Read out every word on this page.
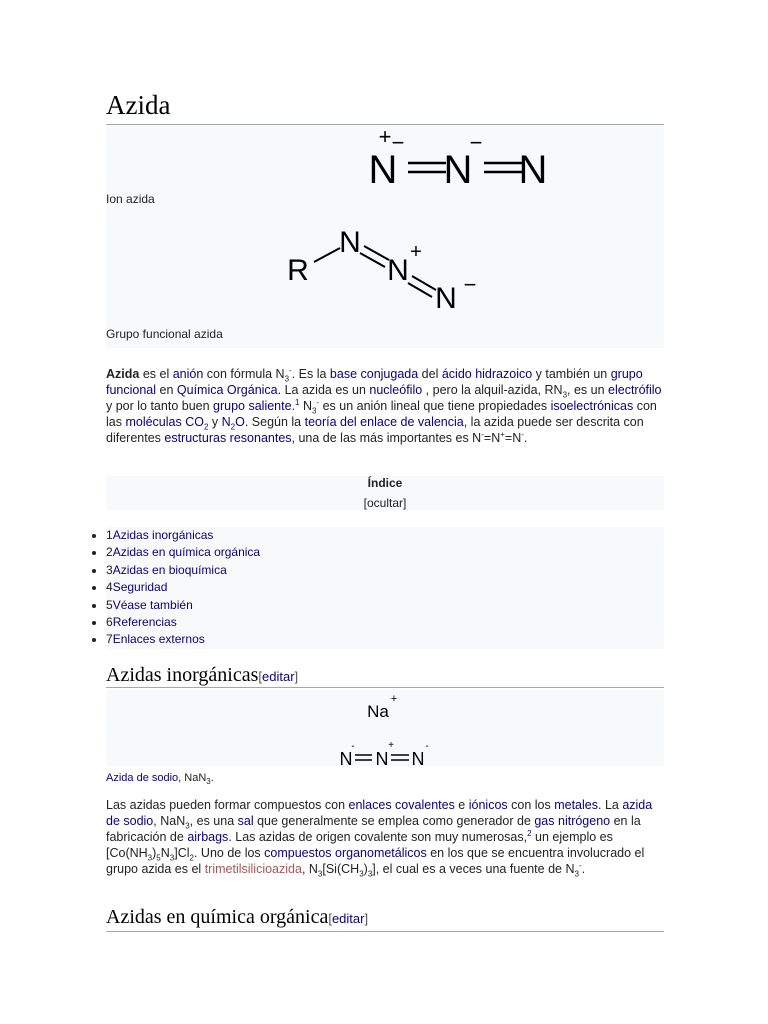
Azida
−
N
+
N N
−
Ion azida
R
N
N
+
N −
Grupo funcional azida
Azida es el anión con fórmula $N_3^-$. Es la base conjugada del ácido hidrazoico y también un grupo funcional en Química Orgánica. La azida es un nucleófilo , pero la alquil-azida, $RN_3$, es un electrófilo y por lo tanto buen grupo saliente.$^1$ $N_3^-$ es un anión lineal que tiene propiedades isoelectrónicas con las moléculas $CO_2$ y $N_2O$. Según la teoría del enlace de valencia, la azida puede ser descrita con diferentes estructuras resonantes, una de las más importantes es N-=N+=N-.
Índice
[ocultar]
• 1Azidas inorgánicas
• 2Azidas en química orgánica
• 3Azidas en bioquímica
• 4Seguridad
• 5Véase también
• 6Referencias
• 7Enlaces externos
Azidas inorgánicas[editar]
Na
+
N N N
-	+	-
Azida de sodio, NaN$_3$.
Las azidas pueden formar compuestos con enlaces covalentes e iónicos con los metales. La azida de sodio, NaN$_3$, es una sal que generalmente se emplea como generador de gas nitrógeno en la fabricación de airbags. Las azidas de origen covalente son muy numerosas,$^2$ un ejemplo es $[Co(NH_3)_5N_3]Cl_2$. Uno de los compuestos organometálicos en los que se encuentra involucrado el grupo azida es el trimetilsilicioazida, $N_3[Si(CH_3)_3]$, el cual es a veces una fuente de $N_3^-$.
Azidas en química orgánica[editar]
